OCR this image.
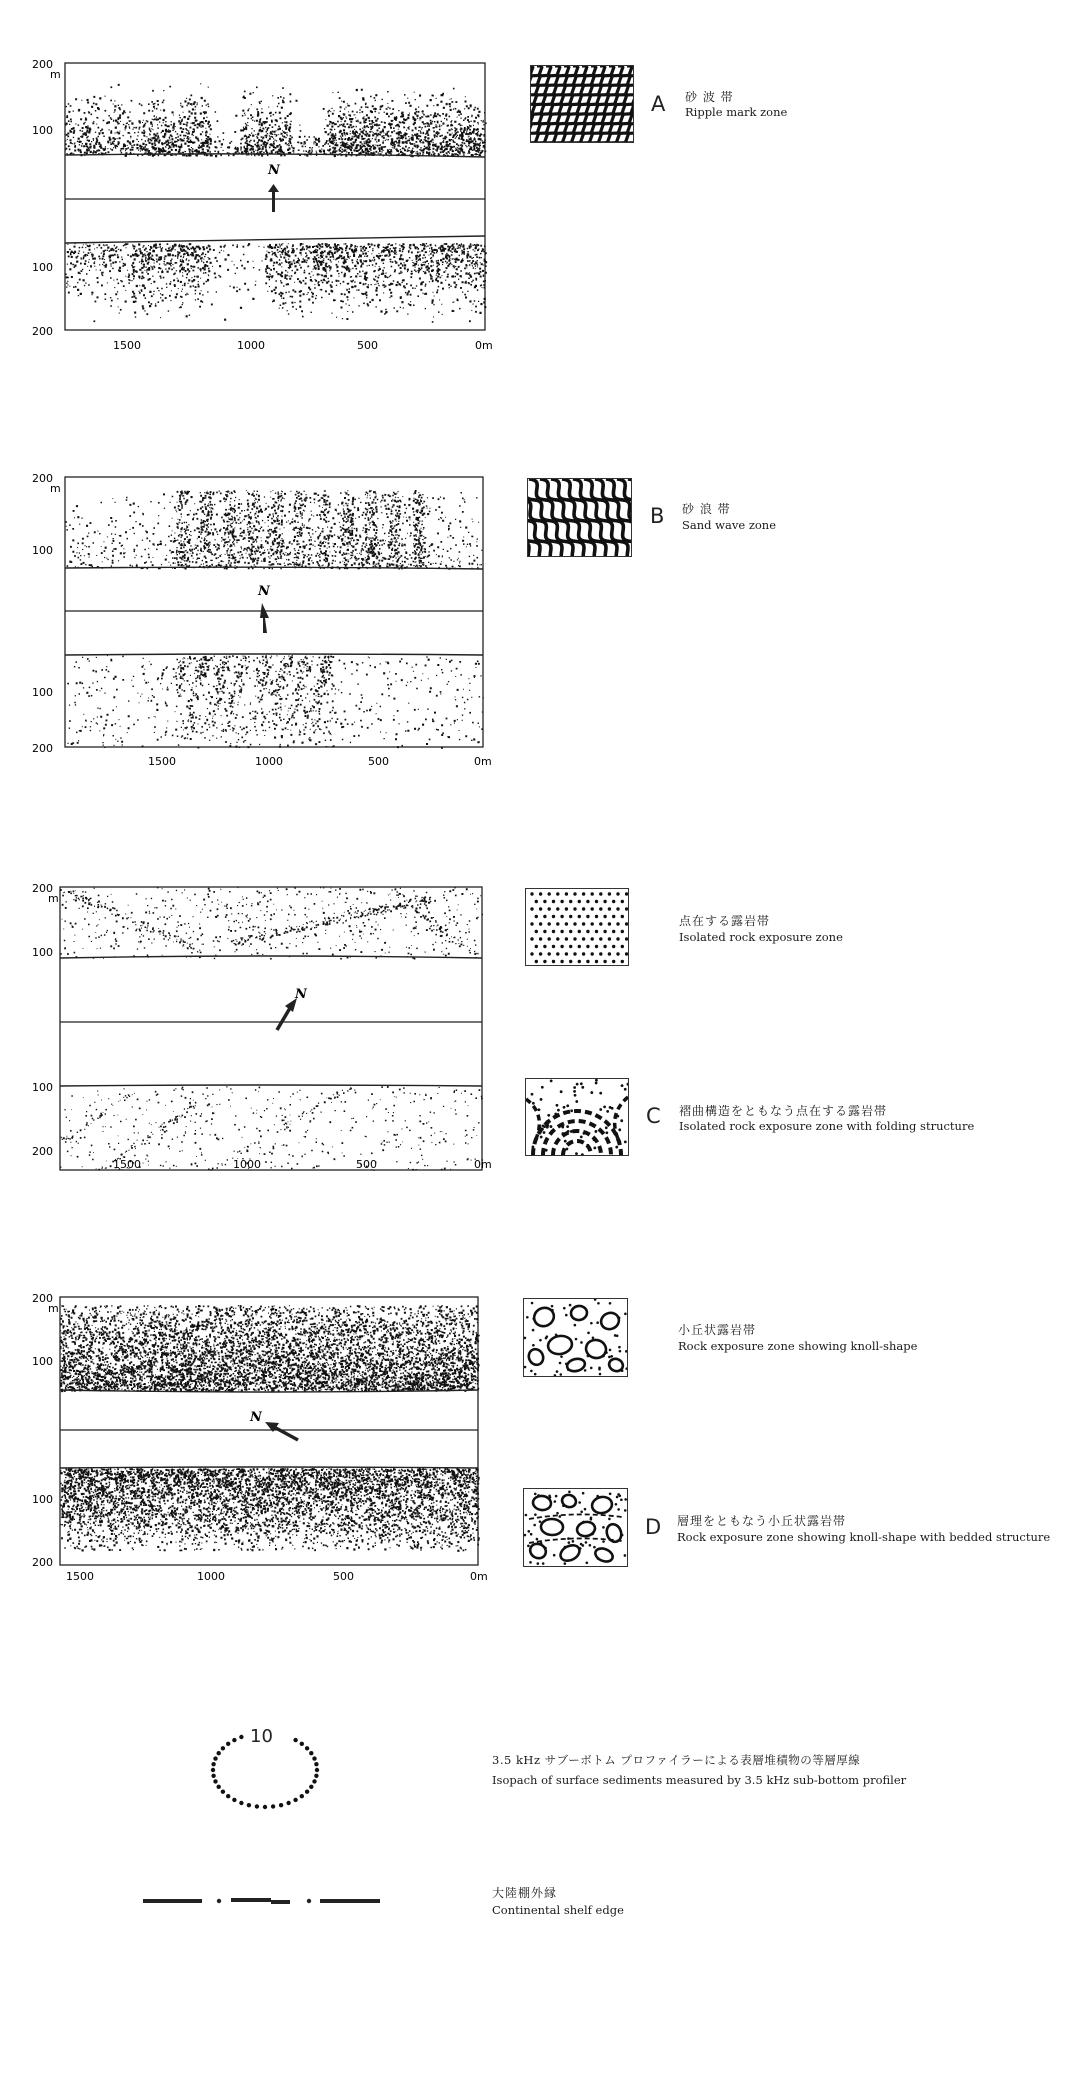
N
200
m
100
100
200
1500	1000	500	0m
A 砂 波 帯
Ripple mark zone
N
200
m
100
100
200
1500	1000	500	0m
B 砂 浪 帯
Sand wave zone
N
200
m
100
100
200
1500	1000	500	0m
点在する露岩帯
Isolated rock exposure zone
C 褶曲構造をともなう点在する露岩帯
Isolated rock exposure zone with folding structure
N
200
m
100
100
200
1500	1000	500	0m
小丘状露岩帯
Rock exposure zone showing knoll-shape
D 層理をともなう小丘状露岩帯
Rock exposure zone showing knoll-shape with bedded structure
10
3.5 kHz サブーボトム プロファイラーによる表層堆積物の等層厚線
Isopach of surface sediments measured by 3.5 kHz sub-bottom profiler
大陸棚外縁
Continental shelf edge
